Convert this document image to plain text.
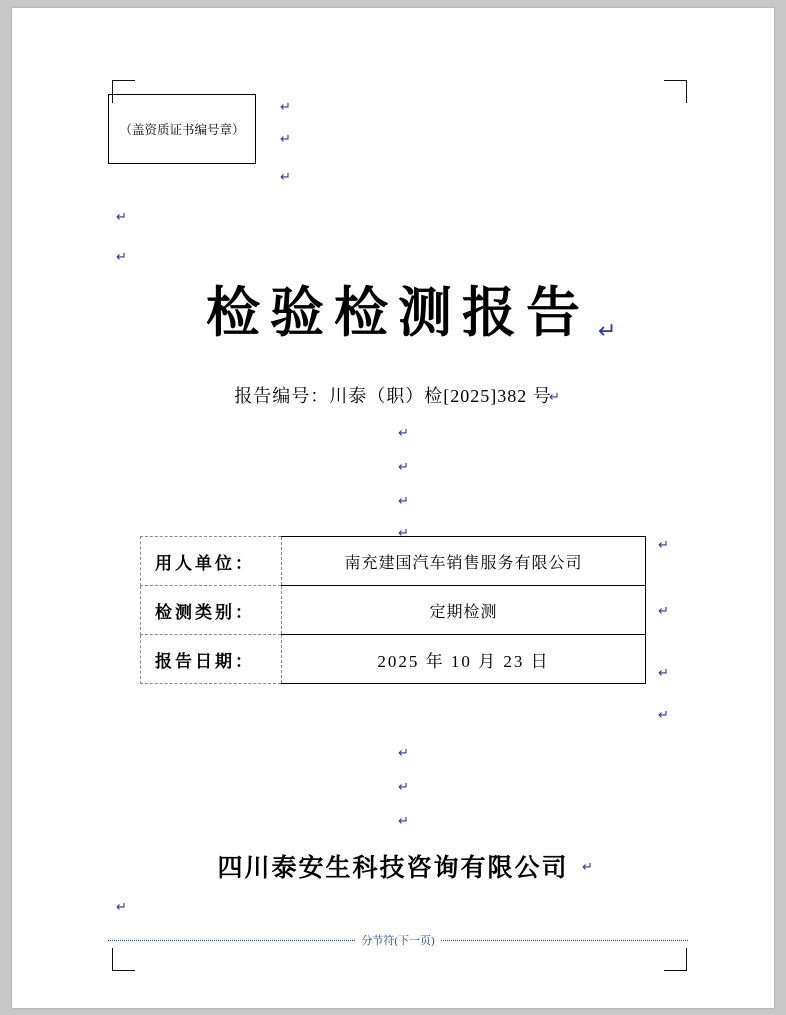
（盖资质证书编号章）
↵
↵
↵
↵
↵
↵
↵
↵
↵
↵
↵
↵
↵
↵
↵
↵
↵
↵
↵
↵
检验检测报告
报告编号：川泰（职）检[2025]382 号
用人单位：	南充建国汽车销售服务有限公司
检测类别：	定期检测
报告日期：	2025 年 10 月 23 日
四川泰安生科技咨询有限公司
分节符(下一页)
